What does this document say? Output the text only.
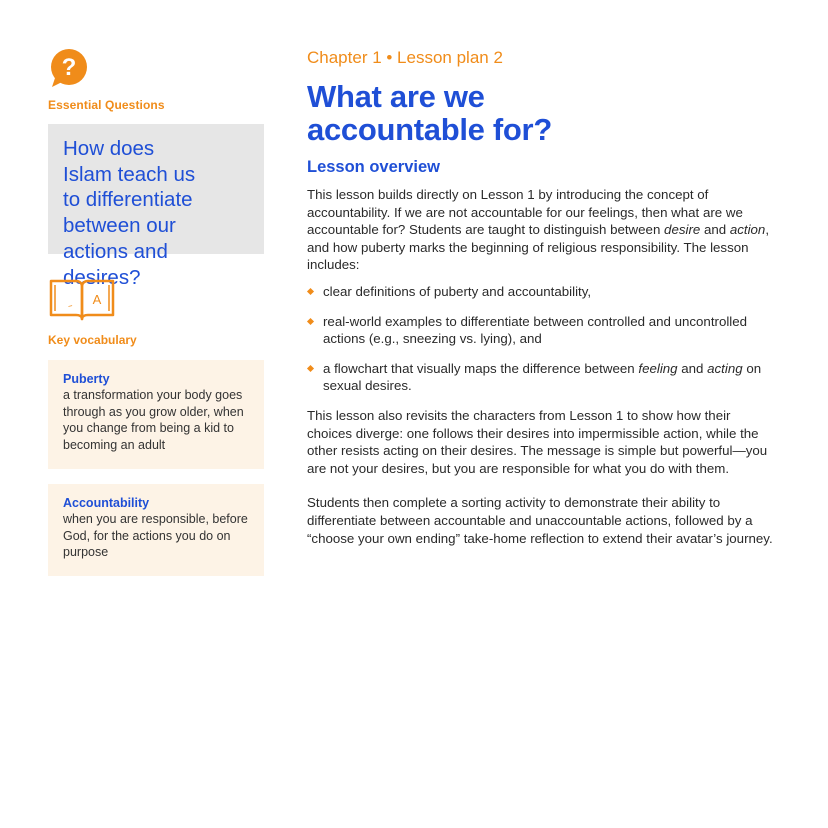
?
Essential Questions

How does
Islam teach us
to differentiate
between our
actions and desires?

A
Key vocabulary

Puberty

a transformation your body goes through as you grow older, when you change from being a kid to becoming an adult

Accountability

when you are responsible, before God, for the actions you do on purpose

Chapter 1 • Lesson plan 2

What are we
accountable for?
Lesson overview

This lesson builds directly on Lesson 1 by introducing the concept of accountability. If we are not accountable for our feelings, then what are we accountable for? Students are taught to distinguish between desire and action, and how puberty marks the beginning of religious responsibility. The lesson includes:

clear definitions of puberty and accountability,
real-world examples to differentiate between controlled and uncontrolled actions (e.g., sneezing vs. lying), and
a flowchart that visually maps the difference between feeling and acting on sexual desires.

This lesson also revisits the characters from Lesson 1 to show how their choices diverge: one follows their desires into impermissible action, while the other resists acting on their desires. The message is simple but powerful—you are not your desires, but you are responsible for what you do with them.

Students then complete a sorting activity to demonstrate their ability to differentiate between accountable and unaccountable actions, followed by a “choose your own ending” take-home reflection to extend their avatar’s journey.
